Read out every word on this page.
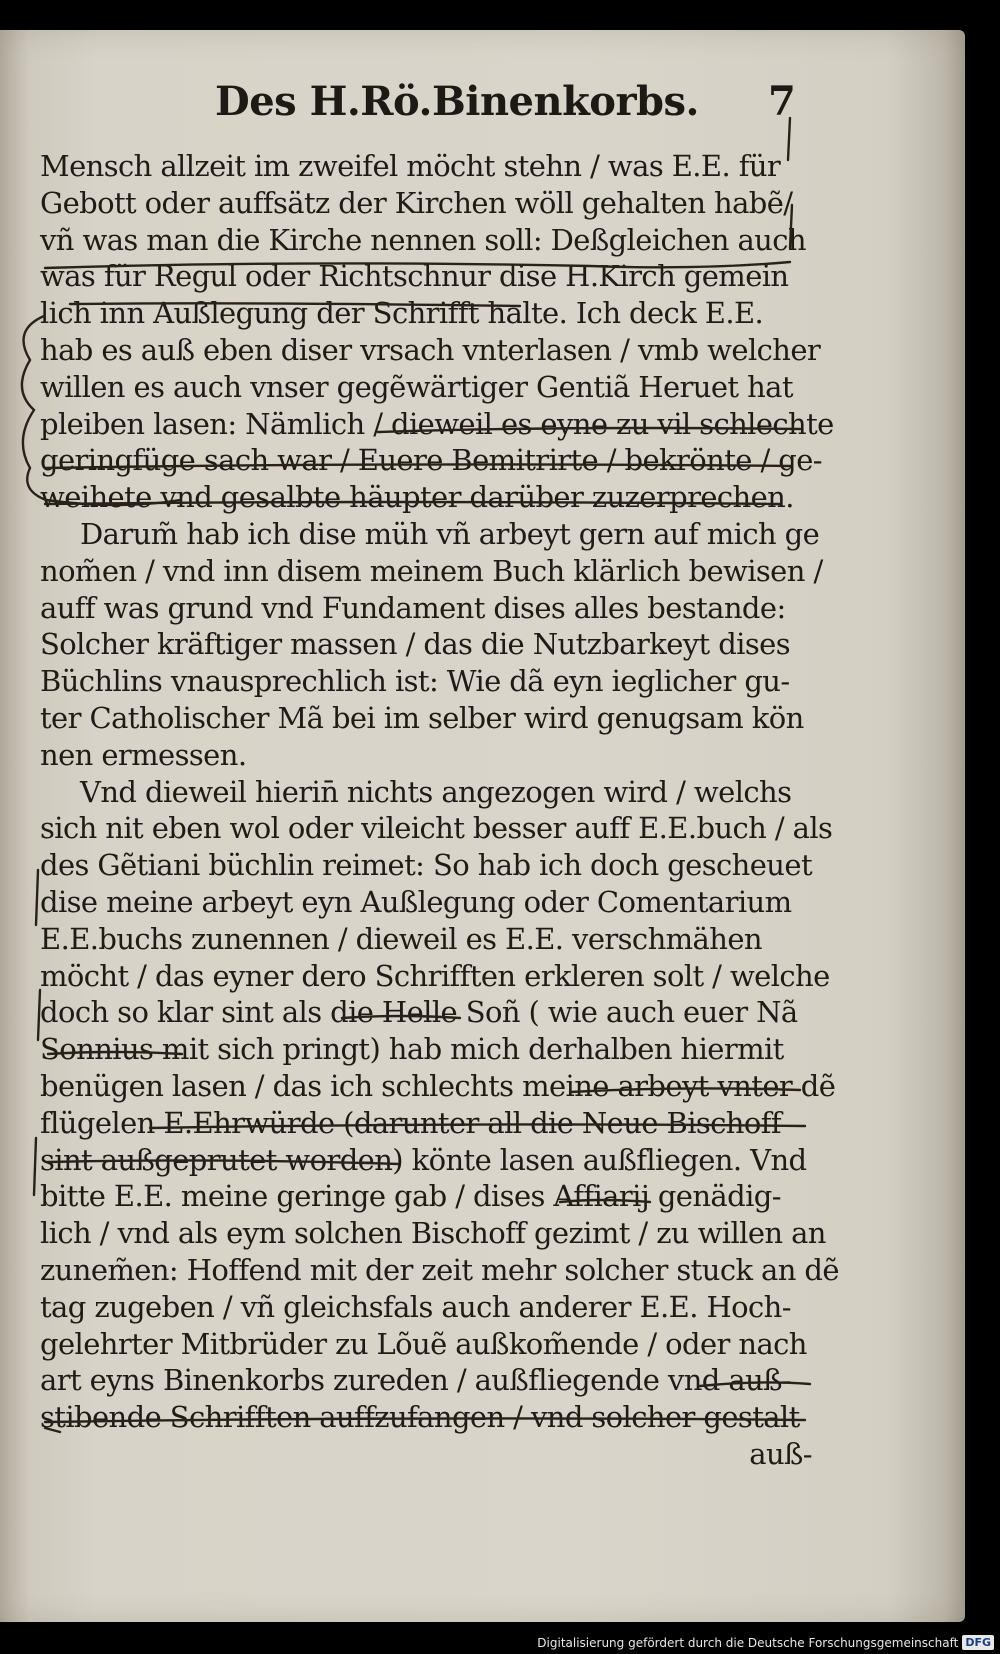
Des H.Rö.Binenkorbs. 7
Mensch allzeit im zweifel möcht stehn / was E.E. für
Gebott oder auffsätz der Kirchen wöll gehalten habẽ/
vñ was man die Kirche nennen soll: Deßgleichen auch
was für Regul oder Richtschnur dise H.Kirch gemein
lich inn Außlegung der Schrifft halte. Ich deck E.E.
hab es auß eben diser vrsach vnterlasen / vmb welcher
willen es auch vnser gegẽwärtiger Gentiã Heruet hat
pleiben lasen: Nämlich / dieweil es eyne zu vil schlechte
geringfüge sach war / Euere Bemitrirte / bekrönte / ge-
weihete vnd gesalbte häupter darüber zuzerprechen.
Darum̃ hab ich dise müh vñ arbeyt gern auf mich ge
nom̃en / vnd inn disem meinem Buch klärlich bewisen /
auff was grund vnd Fundament dises alles bestande:
Solcher kräftiger massen / das die Nutzbarkeyt dises
Büchlins vnausprechlich ist: Wie dã eyn ieglicher gu-
ter Catholischer Mã bei im selber wird genugsam kön
nen ermessen.
Vnd dieweil hierin̄ nichts angezogen wird / welchs
sich nit eben wol oder vileicht besser auff E.E.buch / als
des Gẽtiani büchlin reimet: So hab ich doch gescheuet
dise meine arbeyt eyn Außlegung oder Comentarium
E.E.buchs zunennen / dieweil es E.E. verschmähen
möcht / das eyner dero Schrifften erkleren solt / welche
doch so klar sint als die Helle Soñ ( wie auch euer Nã
Sonnius mit sich pringt) hab mich derhalben hiermit
benügen lasen / das ich schlechts meine arbeyt vnter dẽ
flügelen E.Ehrwürde (darunter all die Neue Bischoff
sint außgeprutet worden) könte lasen außfliegen. Vnd
bitte E.E. meine geringe gab / dises Affiarij genädig-
lich / vnd als eym solchen Bischoff gezimt / zu willen an
zunem̃en: Hoffend mit der zeit mehr solcher stuck an dẽ
tag zugeben / vñ gleichsfals auch anderer E.E. Hoch-
gelehrter Mitbrüder zu Lõuẽ außkom̃ende / oder nach
art eyns Binenkorbs zureden / außfliegende vnd auß-
stibende Schrifften auffzufangen / vnd solcher gestalt
auß-
Digitalisierung gefördert durch die Deutsche Forschungsgemeinschaft DFG
